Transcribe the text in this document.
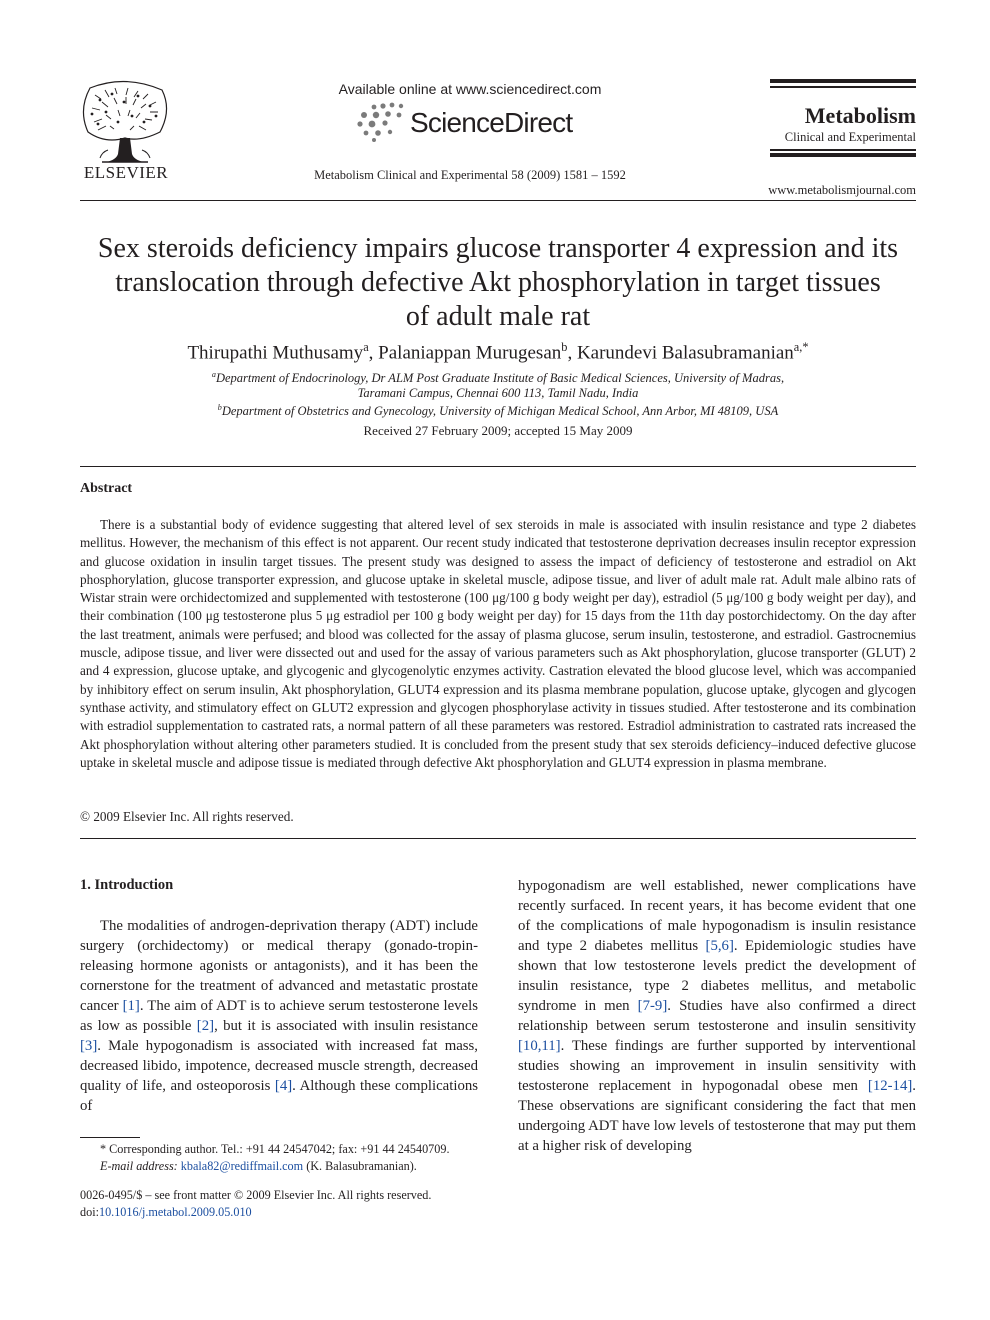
ELSEVIER
Available online at www.sciencedirect.com
ScienceDirect
Metabolism Clinical and Experimental 58 (2009) 1581 – 1592
Metabolism
Clinical and Experimental
www.metabolismjournal.com
Sex steroids deficiency impairs glucose transporter 4 expression and its
translocation through defective Akt phosphorylation in target tissues
of adult male rat
Thirupathi Muthusamy$^a$, Palaniappan Murugesan$^b$, Karundevi Balasubramanian$^{a,*}$
$^a$Department of Endocrinology, Dr ALM Post Graduate Institute of Basic Medical Sciences, University of Madras,
Taramani Campus, Chennai 600 113, Tamil Nadu, India
$^b$Department of Obstetrics and Gynecology, University of Michigan Medical School, Ann Arbor, MI 48109, USA
Received 27 February 2009; accepted 15 May 2009
Abstract

There is a substantial body of evidence suggesting that altered level of sex steroids in male is associated with insulin resistance and type 2 diabetes mellitus. However, the mechanism of this effect is not apparent. Our recent study indicated that testosterone deprivation decreases insulin receptor expression and glucose oxidation in insulin target tissues. The present study was designed to assess the impact of deficiency of testosterone and estradiol on Akt phosphorylation, glucose transporter expression, and glucose uptake in skeletal muscle, adipose tissue, and liver of adult male rat. Adult male albino rats of Wistar strain were orchidectomized and supplemented with testosterone (100 μg/100 g body weight per day), estradiol (5 μg/100 g body weight per day), and their combination (100 μg testosterone plus 5 μg estradiol per 100 g body weight per day) for 15 days from the 11th day postorchidectomy. On the day after the last treatment, animals were perfused; and blood was collected for the assay of plasma glucose, serum insulin, testosterone, and estradiol. Gastrocnemius muscle, adipose tissue, and liver were dissected out and used for the assay of various parameters such as Akt phosphorylation, glucose transporter (GLUT) 2 and 4 expression, glucose uptake, and glycogenic and glycogenolytic enzymes activity. Castration elevated the blood glucose level, which was accompanied by inhibitory effect on serum insulin, Akt phosphorylation, GLUT4 expression and its plasma membrane population, glucose uptake, glycogen and glycogen synthase activity, and stimulatory effect on GLUT2 expression and glycogen phosphorylase activity in tissues studied. After testosterone and its combination with estradiol supplementation to castrated rats, a normal pattern of all these parameters was restored. Estradiol administration to castrated rats increased the Akt phosphorylation without altering other parameters studied. It is concluded from the present study that sex steroids deficiency–induced defective glucose uptake in skeletal muscle and adipose tissue is mediated through defective Akt phosphorylation and GLUT4 expression in plasma membrane.

© 2009 Elsevier Inc. All rights reserved.
1. Introduction

The modalities of androgen-deprivation therapy (ADT) include surgery (orchidectomy) or medical therapy (gonado-tropin-releasing hormone agonists or antagonists), and it has been the cornerstone for the treatment of advanced and metastatic prostate cancer [1]. The aim of ADT is to achieve serum testosterone levels as low as possible [2], but it is associated with insulin resistance [3]. Male hypogonadism is associated with increased fat mass, decreased libido, impotence, decreased muscle strength, decreased quality of life, and osteoporosis [4]. Although these complications of

hypogonadism are well established, newer complications have recently surfaced. In recent years, it has become evident that one of the complications of male hypogonadism is insulin resistance and type 2 diabetes mellitus [5,6]. Epidemiologic studies have shown that low testosterone levels predict the development of insulin resistance, type 2 diabetes mellitus, and metabolic syndrome in men [7-9]. Studies have also confirmed a direct relationship between serum testosterone and insulin sensitivity [10,11]. These findings are further supported by interventional studies showing an improvement in insulin sensitivity with testosterone replacement in hypogonadal obese men [12-14]. These observations are significant considering the fact that men undergoing ADT have low levels of testosterone that may put them at a higher risk of developing

* Corresponding author. Tel.: +91 44 24547042; fax: +91 44 24540709.
E-mail address: kbala82@rediffmail.com (K. Balasubramanian).
0026-0495/$ – see front matter © 2009 Elsevier Inc. All rights reserved.
doi:10.1016/j.metabol.2009.05.010
